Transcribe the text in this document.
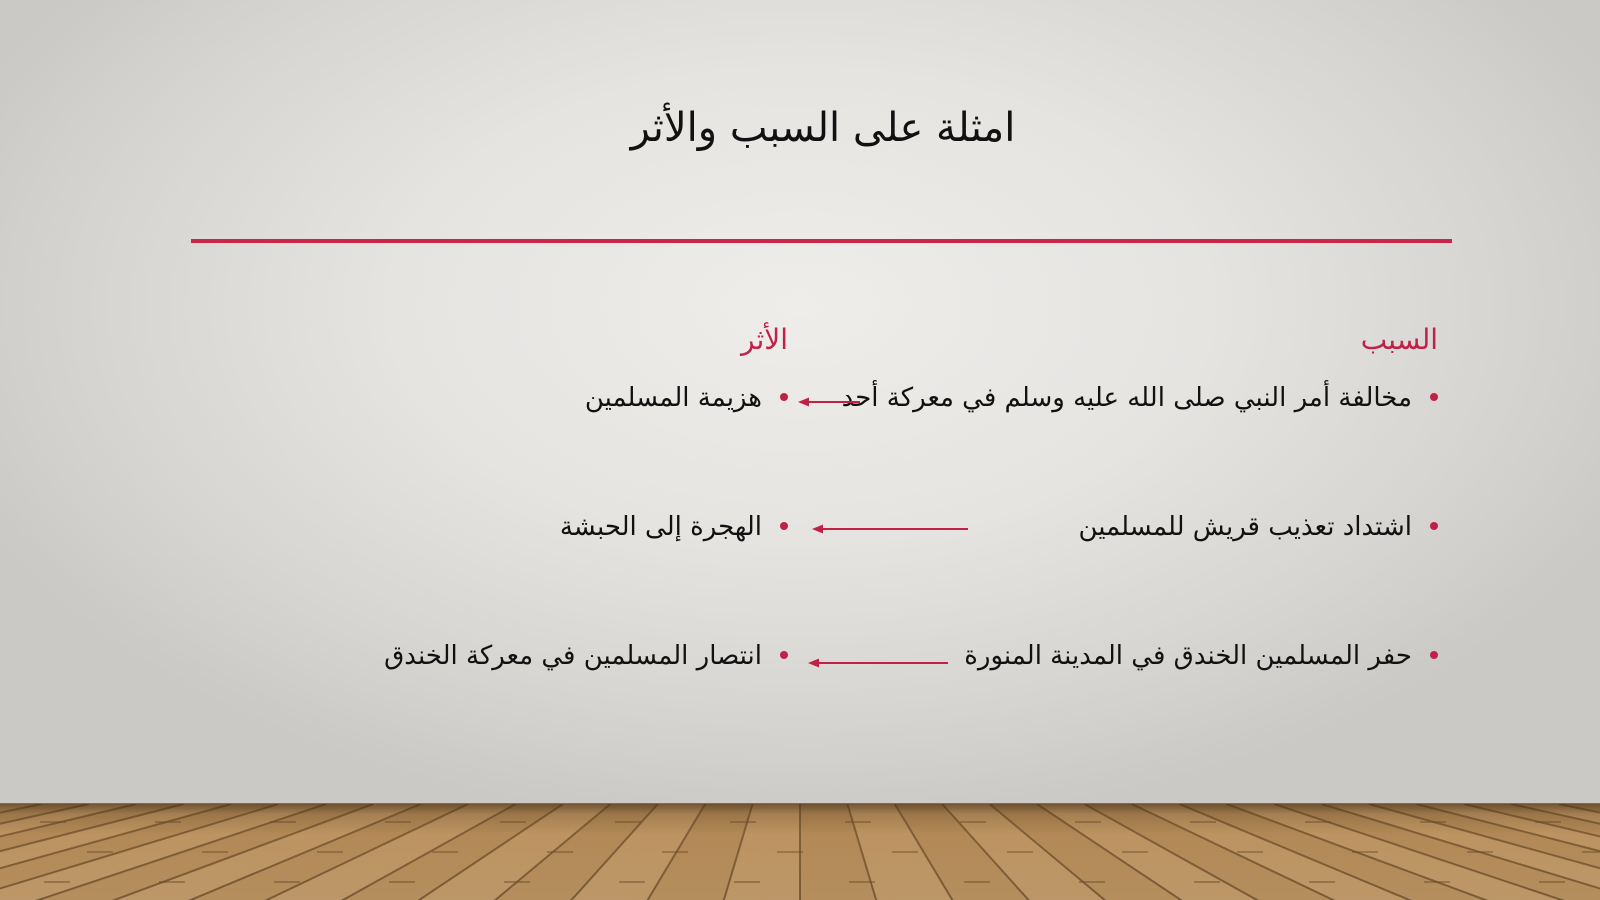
امثلة على السبب والأثر
السبب
الأثر
مخالفة أمر النبي صلى الله عليه وسلم في معركة أحد
هزيمة المسلمين
اشتداد تعذيب قريش للمسلمين
الهجرة إلى الحبشة
حفر المسلمين الخندق في المدينة المنورة
انتصار المسلمين في معركة الخندق
